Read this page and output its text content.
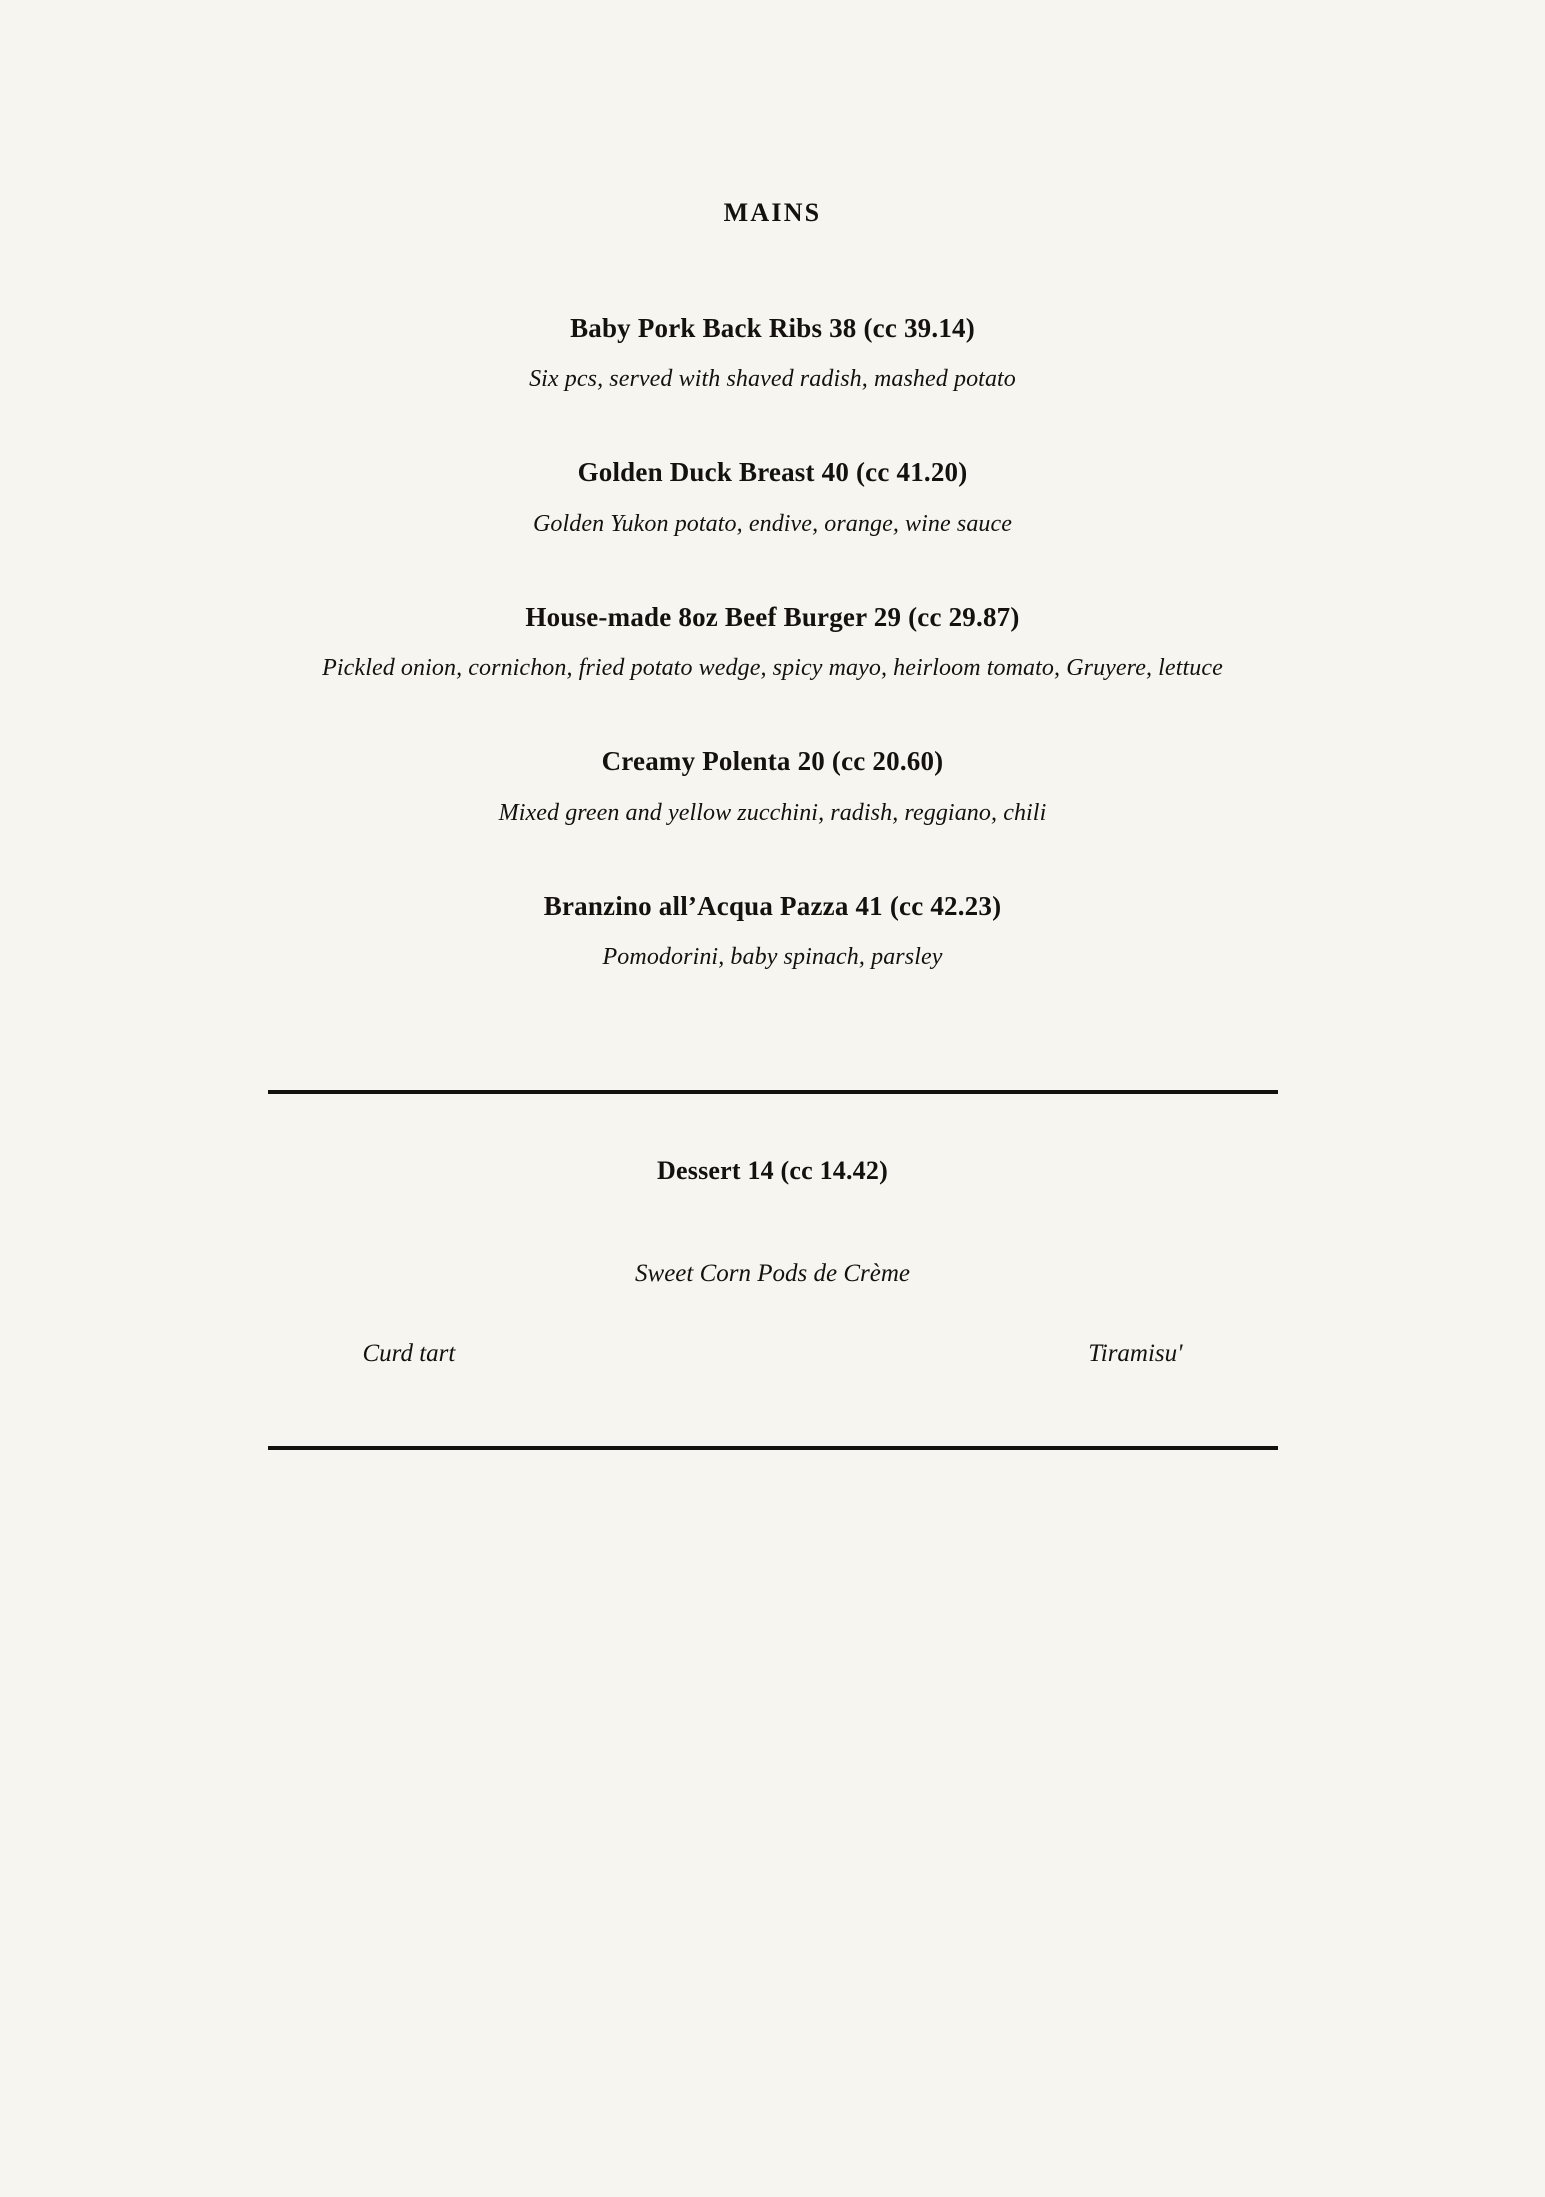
MAINS
Baby Pork Back Ribs 38 (cc 39.14)
Six pcs, served with shaved radish, mashed potato
Golden Duck Breast 40 (cc 41.20)
Golden Yukon potato, endive, orange, wine sauce
House-made 8oz Beef Burger 29 (cc 29.87)
Pickled onion, cornichon, fried potato wedge, spicy mayo, heirloom tomato, Gruyere, lettuce
Creamy Polenta 20 (cc 20.60)
Mixed green and yellow zucchini, radish, reggiano, chili
Branzino all’Acqua Pazza 41 (cc 42.23)
Pomodorini, baby spinach, parsley
Dessert 14 (cc 14.42)
Sweet Corn Pods de Crème
Curd tart	Tiramisu'
